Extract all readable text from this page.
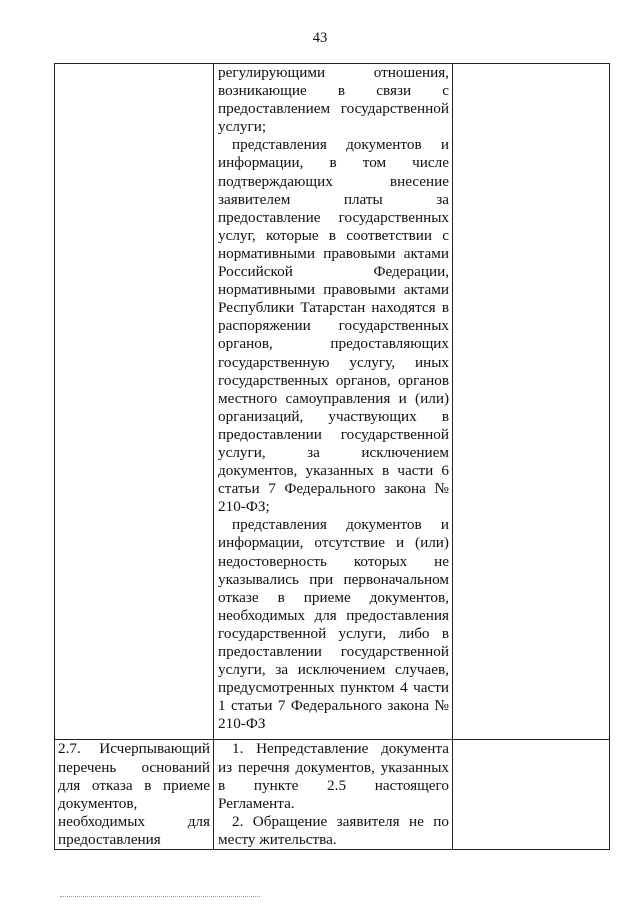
43

	регулирующими отношения, возникающие в связи с предоставлением государственной услуги;
представления документов и информации, в том числе подтверждающих внесение заявителем платы за предоставление государственных услуг, которые в соответствии с нормативными правовыми актами Российской Федерации, нормативными правовыми актами Республики Татарстан находятся в распоряжении государственных органов, предоставляющих государственную услугу, иных государственных органов, органов местного самоуправления и (или) организаций, участвующих в предоставлении государственной услуги, за исключением документов, указанных в части 6 статьи 7 Федерального закона № 210-ФЗ;
представления документов и информации, отсутствие и (или) недостоверность которых не указывались при первоначальном отказе в приеме документов, необходимых для предоставления государственной услуги, либо в предоставлении государственной услуги, за исключением случаев, предусмотренных пунктом 4 части 1 статьи 7 Федерального закона № 210-ФЗ	

2.7. Исчерпывающий перечень оснований для отказа в приеме документов, необходимых для предоставления	1. Непредставление документа из перечня документов, указанных в пункте 2.5 настоящего Регламента.
2. Обращение заявителя не по месту жительства.	
